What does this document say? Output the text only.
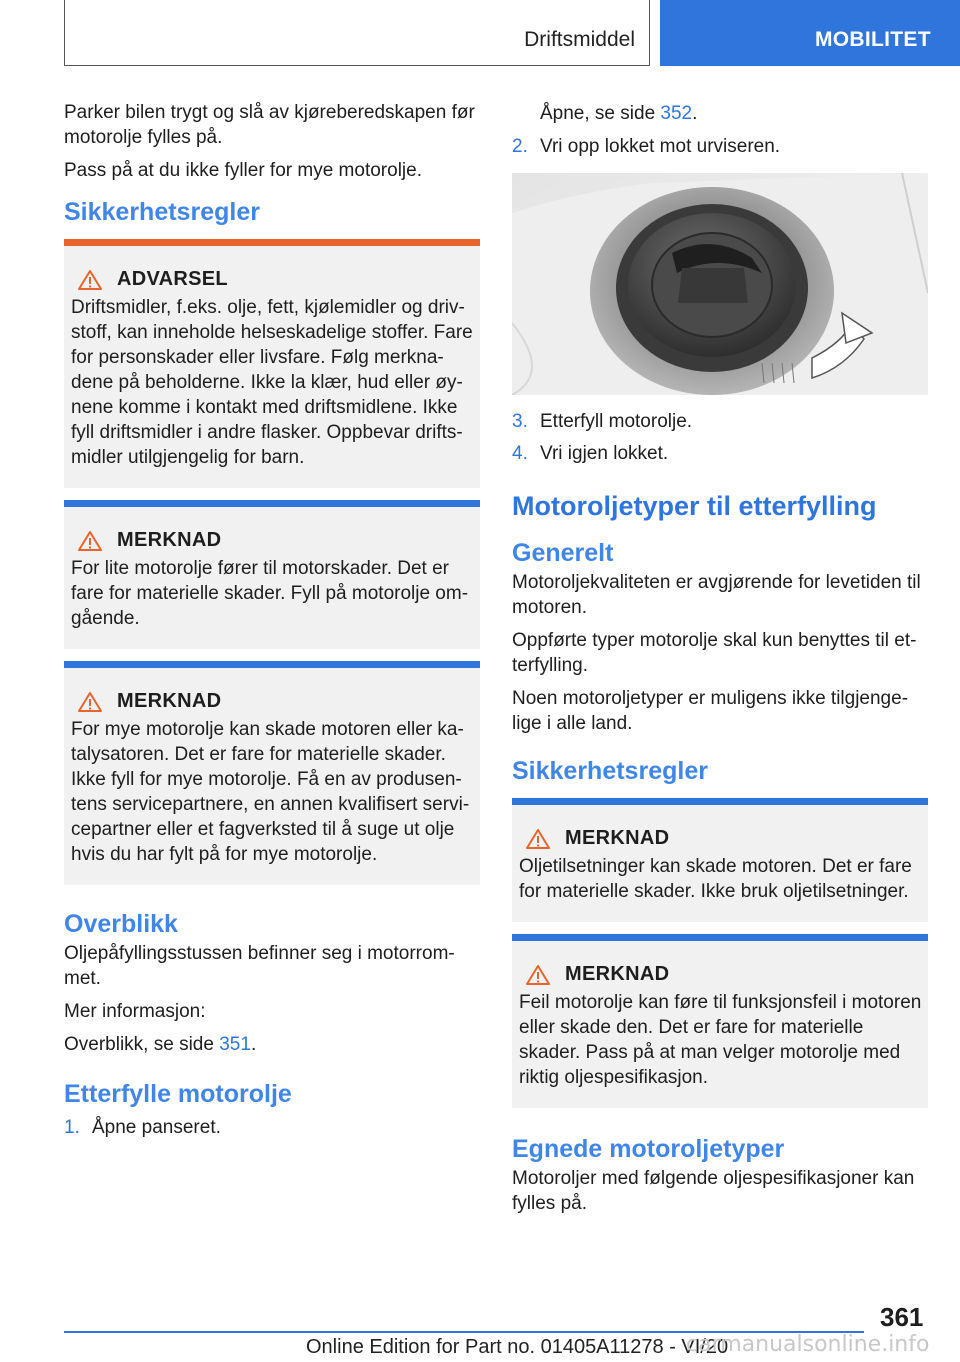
Driftsmiddel	MOBILITET

Parker bilen trygt og slå av kjøreberedskapen før motorolje fylles på.

Pass på at du ikke fyller for mye motorolje.

Sikkerhetsregler
ADVARSEL
Driftsmidler, f.eks. olje, fett, kjølemidler og drivstoff, kan inneholde helseskadelige stoffer. Fare for personskader eller livsfare. Følg merknadene på beholderne. Ikke la klær, hud eller øynene komme i kontakt med driftsmidlene. Ikke fyll driftsmidler i andre flasker. Oppbevar driftsmidler utilgjengelig for barn.
MERKNAD
For lite motorolje fører til motorskader. Det er fare for materielle skader. Fyll på motorolje omgående.
MERKNAD
For mye motorolje kan skade motoren eller katalysatoren. Det er fare for materielle skader. Ikke fyll for mye motorolje. Få en av produsentens servicepartnere, en annen kvalifisert servicepartner eller et fagverksted til å suge ut olje hvis du har fylt på for mye motorolje.
Overblikk

Oljepåfyllingsstussen befinner seg i motorrommet.

Mer informasjon:

Overblikk, se side 351.

Etterfylle motorolje
1. Åpne panseret.

Åpne, se side 352.

2. Vri opp lokket mot urviseren.
3. Etterfyll motorolje.
4. Vri igjen lokket.
Motoroljetyper til etterfylling
Generelt

Motoroljekvaliteten er avgjørende for levetiden til motoren.

Oppførte typer motorolje skal kun benyttes til etterfylling.

Noen motoroljetyper er muligens ikke tilgjengelige i alle land.

Sikkerhetsregler
MERKNAD
Oljetilsetninger kan skade motoren. Det er fare for materielle skader. Ikke bruk oljetilsetninger.
MERKNAD
Feil motorolje kan føre til funksjonsfeil i motoren eller skade den. Det er fare for materielle skader. Pass på at man velger motorolje med riktig oljespesifikasjon.
Egnede motoroljetyper

Motoroljer med følgende oljespesifikasjoner kan fylles på.

361
Online Edition for Part no. 01405A11278 - VI/20
carmanualsonline.info
